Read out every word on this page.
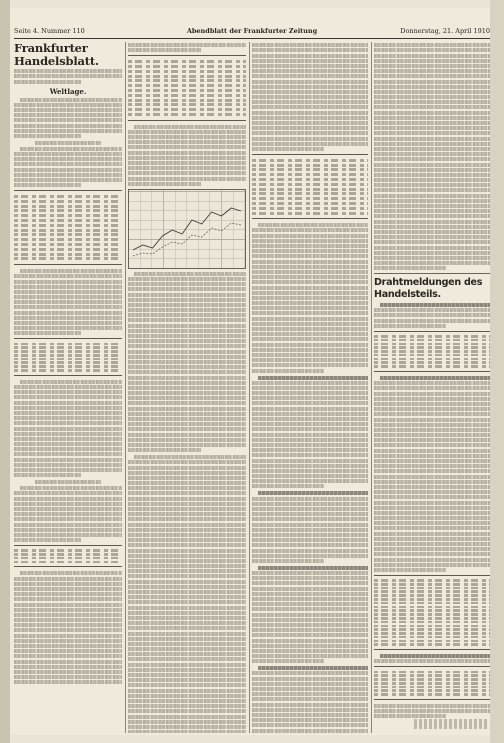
Seite 4. Nummer 110	Abendblatt der Frankfurter Zeitung	Donnerstag, 21. April 1910
Frankfurter Handelsblatt.
Weltlage.
Drahtmeldungen des Handelsteils.
